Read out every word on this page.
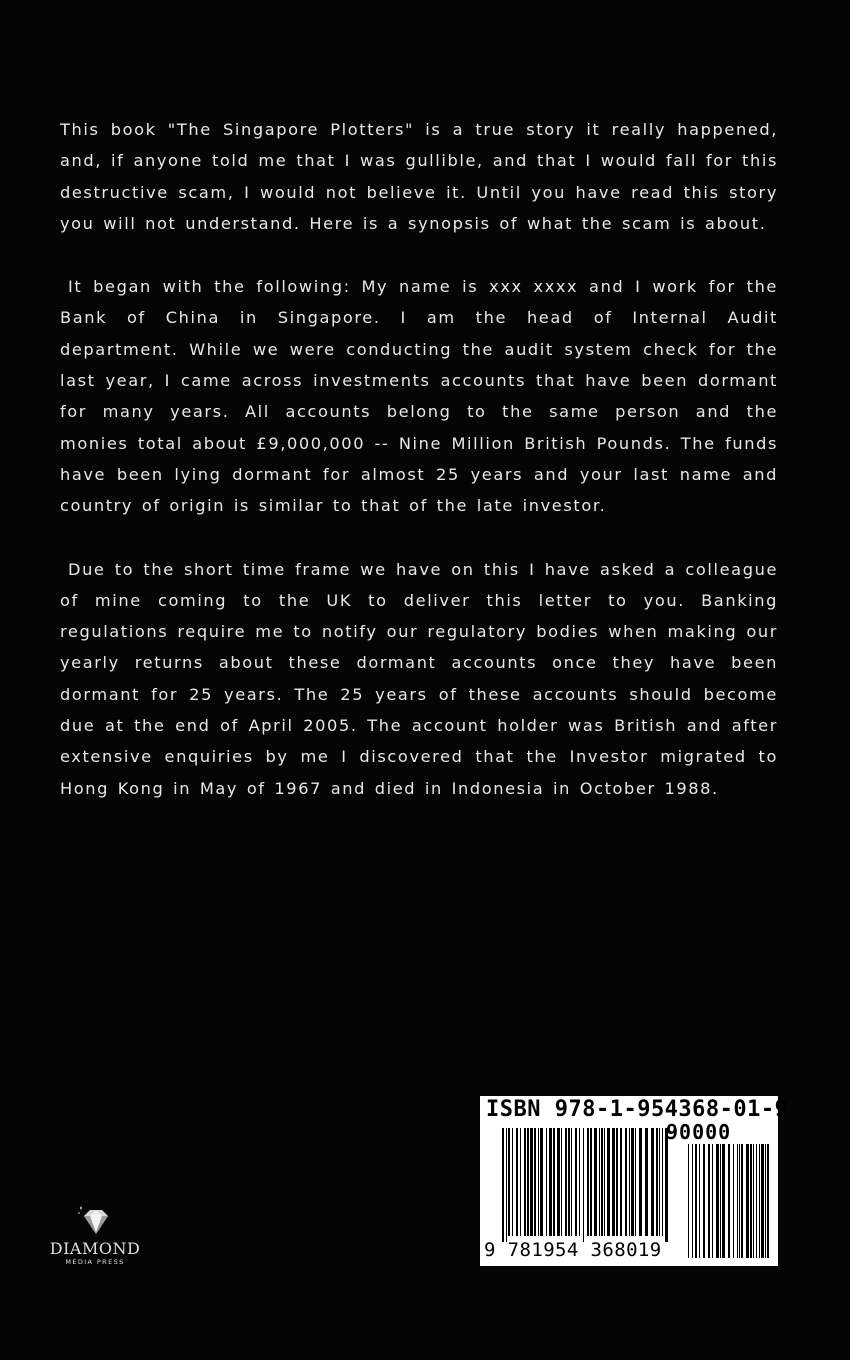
This book "The Singapore Plotters" is a true story it really happened, and, if anyone told me that I was gullible, and that I would fall for this destructive scam, I would not believe it. Until you have read this story you will not understand. Here is a synopsis of what the scam is about.

It began with the following: My name is xxx xxxx and I work for the Bank of China in Singapore. I am the head of Internal Audit department. While we were conducting the audit system check for the last year, I came across investments accounts that have been dormant for many years. All accounts belong to the same person and the monies total about £9,000,000 -- Nine Million British Pounds. The funds have been lying dormant for almost 25 years and your last name and country of origin is similar to that of the late investor.

Due to the short time frame we have on this I have asked a colleague of mine coming to the UK to deliver this letter to you. Banking regulations require me to notify our regulatory bodies when making our yearly returns about these dormant accounts once they have been dormant for 25 years. The 25 years of these accounts should become due at the end of April 2005. The account holder was British and after extensive enquiries by me I discovered that the Investor migrated to Hong Kong in May of 1967 and died in Indonesia in October 1988.

ISBN 978-1-954368-01-9
90000
9 781954 368019
DIAMOND
MEDIA PRESS
